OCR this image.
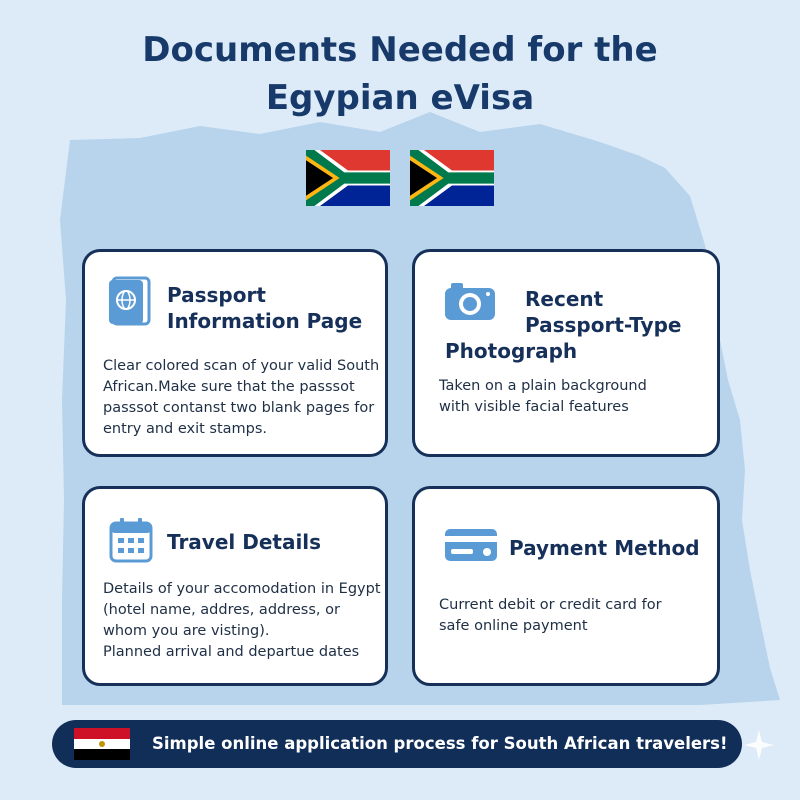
Documents Needed for the
Egypian eVisa
Passport
Information Page
Clear colored scan of your valid South
African.Make sure that the passsot
passsot contanst two blank pages for
entry and exit stamps.
Recent
Passport-Type
Photograph
Taken on a plain background
with visible facial features
Travel Details
Details of your accomodation in Egypt
(hotel name, addres, address, or
whom you are visting).
Planned arrival and departue dates
Payment Method
Current debit or credit card for
safe online payment
Simple online application process for South African travelers!
